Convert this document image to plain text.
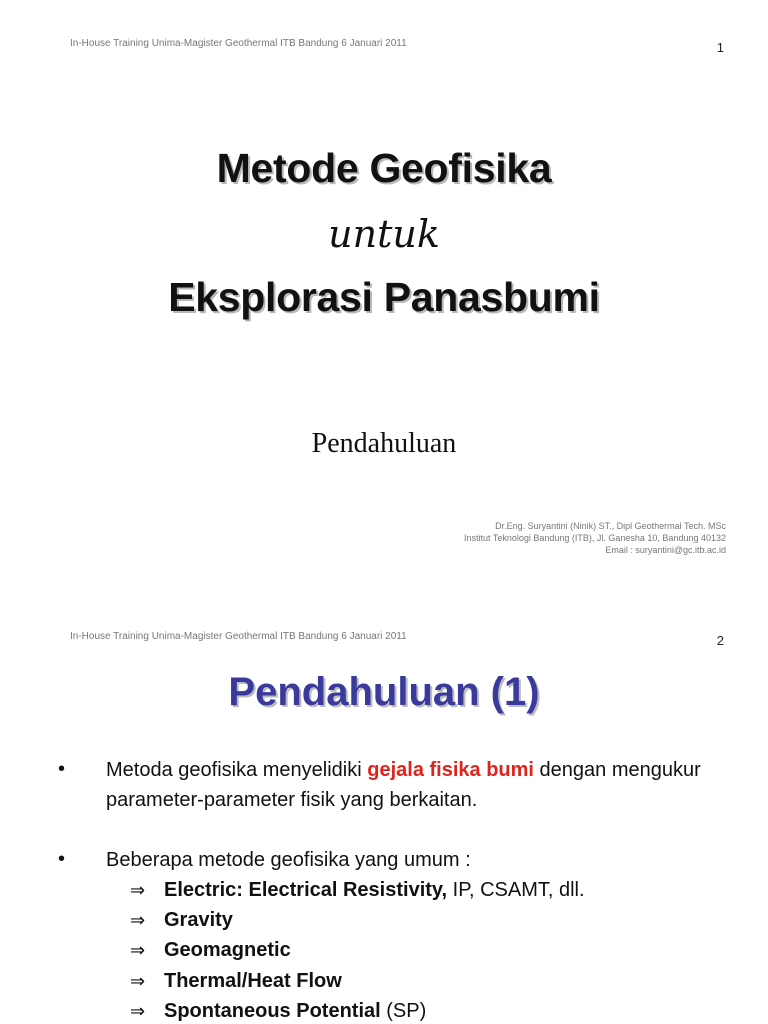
In-House Training Unima-Magister Geothermal ITB Bandung 6 Januari 2011	1
Metode Geofisika
untuk
Eksplorasi Panasbumi
Pendahuluan
Dr.Eng. Suryantini (Ninik) ST., Dipl Geothermal Tech. MSc
Institut Teknologi Bandung (ITB), Jl. Ganesha 10, Bandung 40132
Email : suryantini@gc.itb.ac.id
In-House Training Unima-Magister Geothermal ITB Bandung 6 Januari 2011	2
Pendahuluan (1)
• Metoda geofisika menyelidiki gejala fisika bumi dengan mengukur parameter-parameter fisik yang berkaitan.
• Beberapa metode geofisika yang umum :
⇒ Electric: Electrical Resistivity, IP, CSAMT, dll.
⇒ Gravity
⇒ Geomagnetic
⇒ Thermal/Heat Flow
⇒ Spontaneous Potential (SP)
